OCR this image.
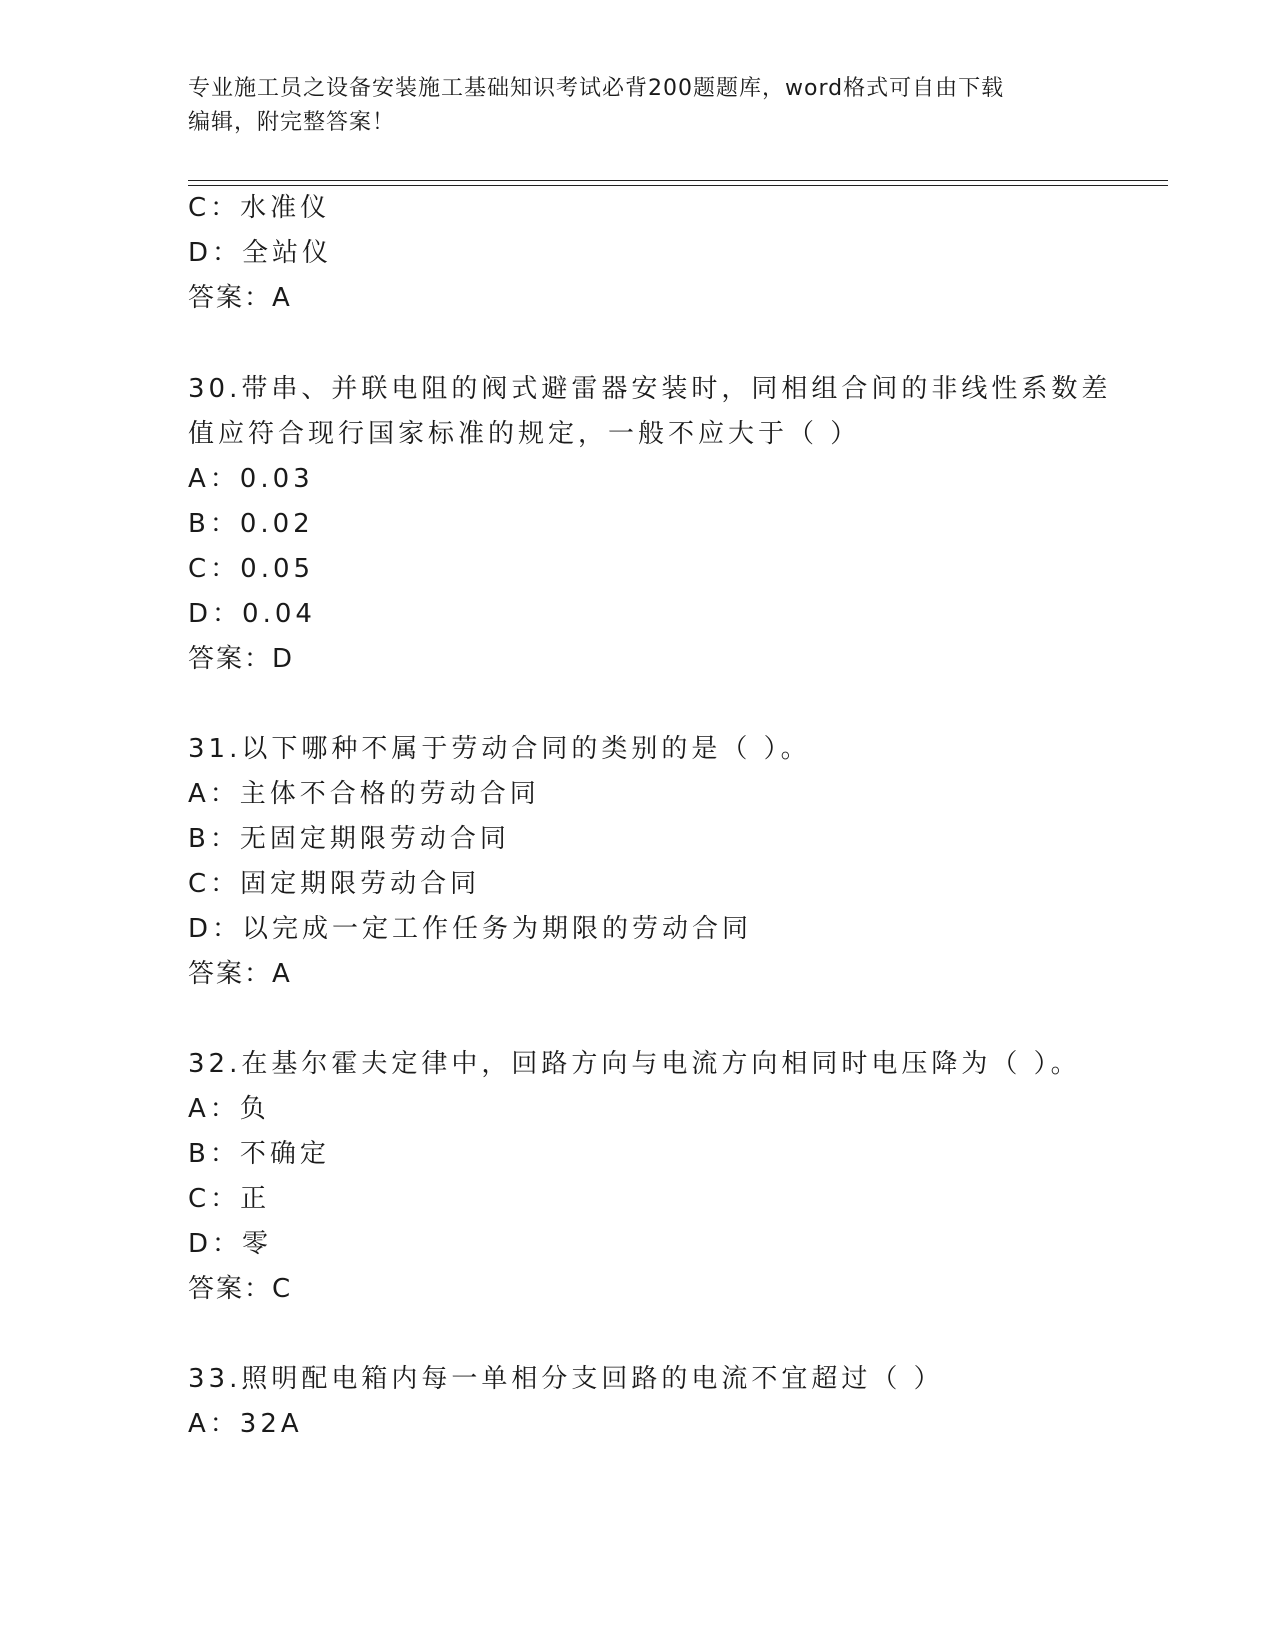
专业施工员之设备安装施工基础知识考试必背200题题库，word格式可自由下载
编辑，附完整答案！
C：水准仪
D：全站仪
答案：A
30.带串、并联电阻的阀式避雷器安装时，同相组合间的非线性系数差
值应符合现行国家标准的规定，一般不应大于（ ）
A：0.03
B：0.02
C：0.05
D：0.04
答案：D
31.以下哪种不属于劳动合同的类别的是（ ）。
A：主体不合格的劳动合同
B：无固定期限劳动合同
C：固定期限劳动合同
D：以完成一定工作任务为期限的劳动合同
答案：A
32.在基尔霍夫定律中，回路方向与电流方向相同时电压降为（ ）。
A：负
B：不确定
C：正
D：零
答案：C
33.照明配电箱内每一单相分支回路的电流不宜超过（ ）
A：32A
